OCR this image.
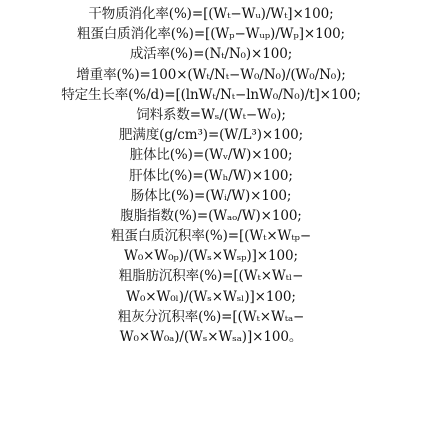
干物质消化率(%)=[(Wₜ−Wᵤ)/Wₜ]×100;
粗蛋白质消化率(%)=[(Wₚ−Wᵤₚ)/Wₚ]×100;
成活率(%)=(Nₜ/N₀)×100;
增重率(%)=100×(Wₜ/Nₜ−W₀/N₀)/(W₀/N₀);
特定生长率(%/d)=[(lnWₜ/Nₜ−lnW₀/N₀)/t]×100;
饲料系数=Wₛ/(Wₜ−W₀);
肥满度(g/cm³)=(W/L³)×100;
脏体比(%)=(Wᵥ/W)×100;
肝体比(%)=(Wₕ/W)×100;
肠体比(%)=(Wᵢ/W)×100;
腹脂指数(%)=(Wₐₒ/W)×100;
粗蛋白质沉积率(%)=[(Wₜ×Wₜₚ−
W₀×W₀ₚ)/(Wₛ×Wₛₚ)]×100;
粗脂肪沉积率(%)=[(Wₜ×Wₜₗ−
W₀×W₀ₗ)/(Wₛ×Wₛₗ)]×100;
粗灰分沉积率(%)=[(Wₜ×Wₜₐ−
W₀×W₀ₐ)/(Wₛ×Wₛₐ)]×100。
